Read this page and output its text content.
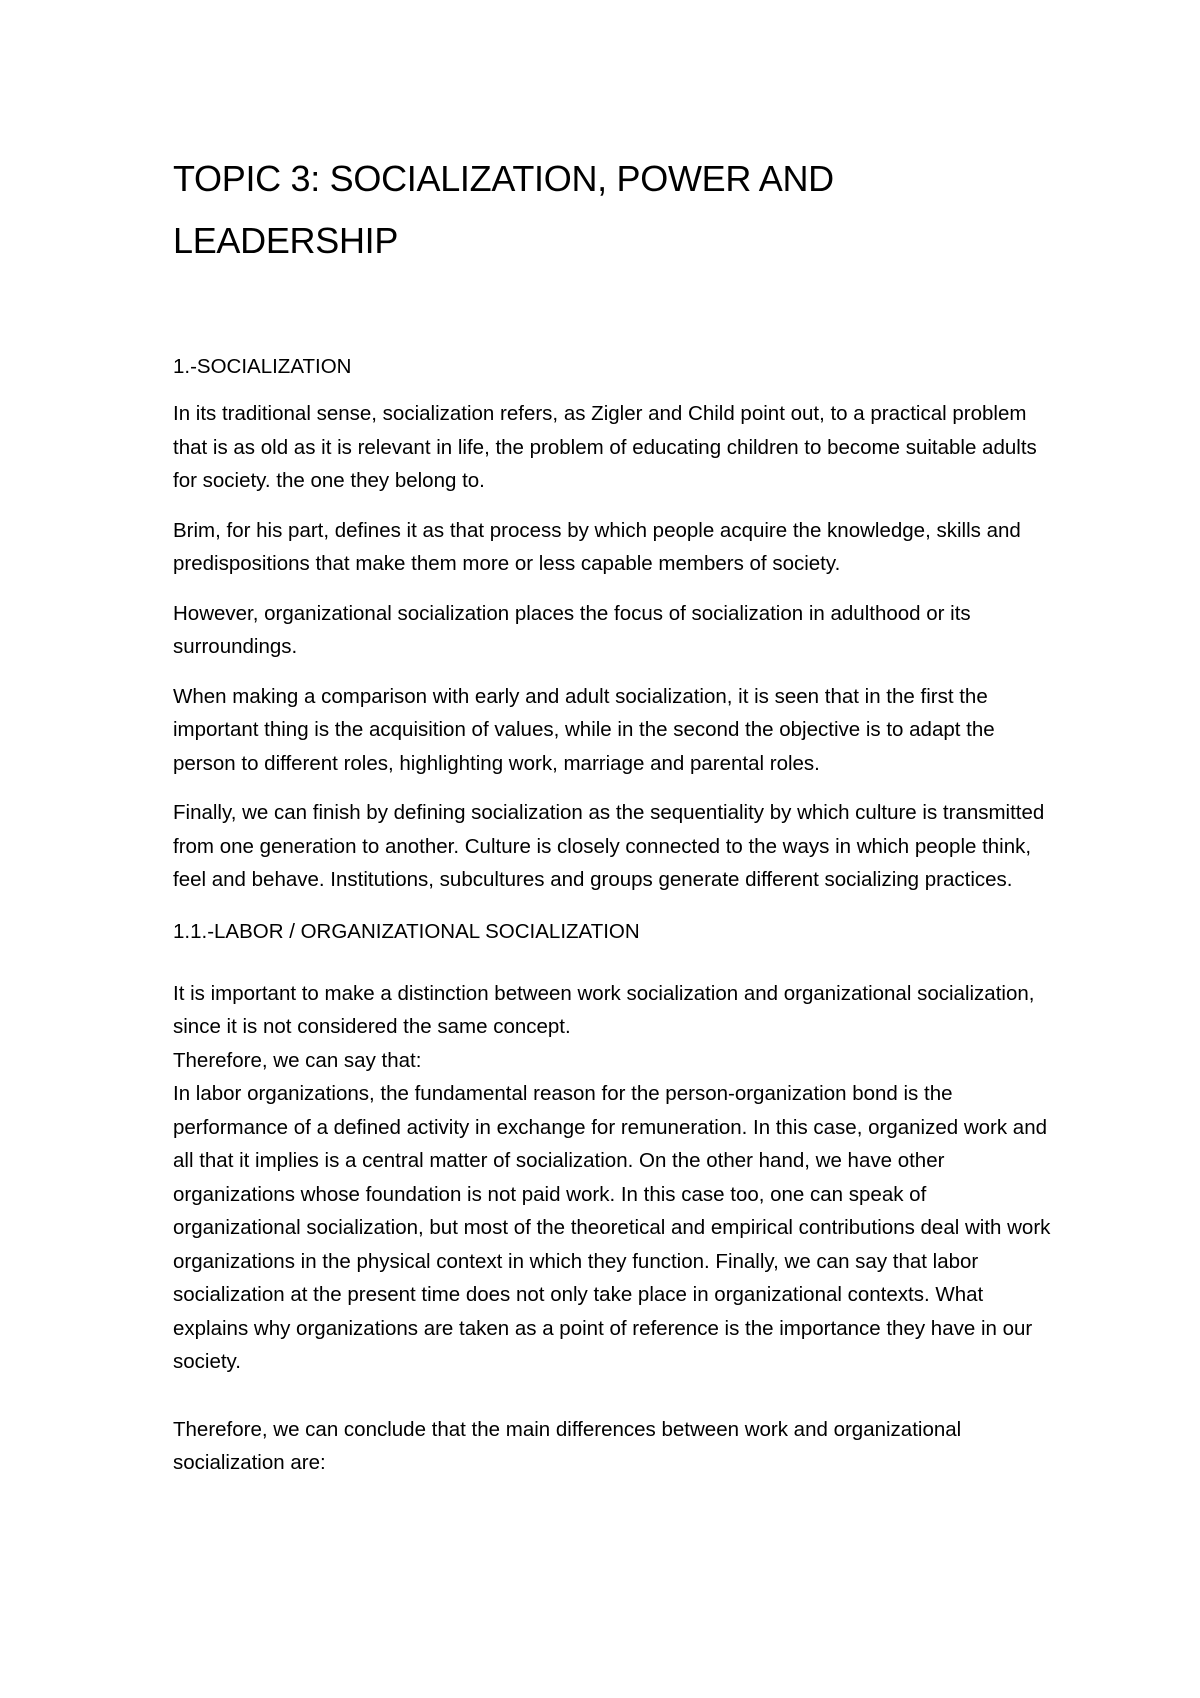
TOPIC 3: SOCIALIZATION, POWER AND LEADERSHIP
1.-SOCIALIZATION

In its traditional sense, socialization refers, as Zigler and Child point out, to a practical problem that is as old as it is relevant in life, the problem of educating children to become suitable adults for society. the one they belong to.

Brim, for his part, defines it as that process by which people acquire the knowledge, skills and predispositions that make them more or less capable members of society.

However, organizational socialization places the focus of socialization in adulthood or its surroundings.

When making a comparison with early and adult socialization, it is seen that in the first the important thing is the acquisition of values, while in the second the objective is to adapt the person to different roles, highlighting work, marriage and parental roles.

Finally, we can finish by defining socialization as the sequentiality by which culture is transmitted from one generation to another. Culture is closely connected to the ways in which people think, feel and behave. Institutions, subcultures and groups generate different socializing practices.

1.1.-LABOR / ORGANIZATIONAL SOCIALIZATION

It is important to make a distinction between work socialization and organizational socialization, since it is not considered the same concept.

Therefore, we can say that:

In labor organizations, the fundamental reason for the person-organization bond is the performance of a defined activity in exchange for remuneration. In this case, organized work and all that it implies is a central matter of socialization. On the other hand, we have other organizations whose foundation is not paid work. In this case too, one can speak of organizational socialization, but most of the theoretical and empirical contributions deal with work organizations in the physical context in which they function. Finally, we can say that labor socialization at the present time does not only take place in organizational contexts. What explains why organizations are taken as a point of reference is the importance they have in our society.

Therefore, we can conclude that the main differences between work and organizational socialization are:
